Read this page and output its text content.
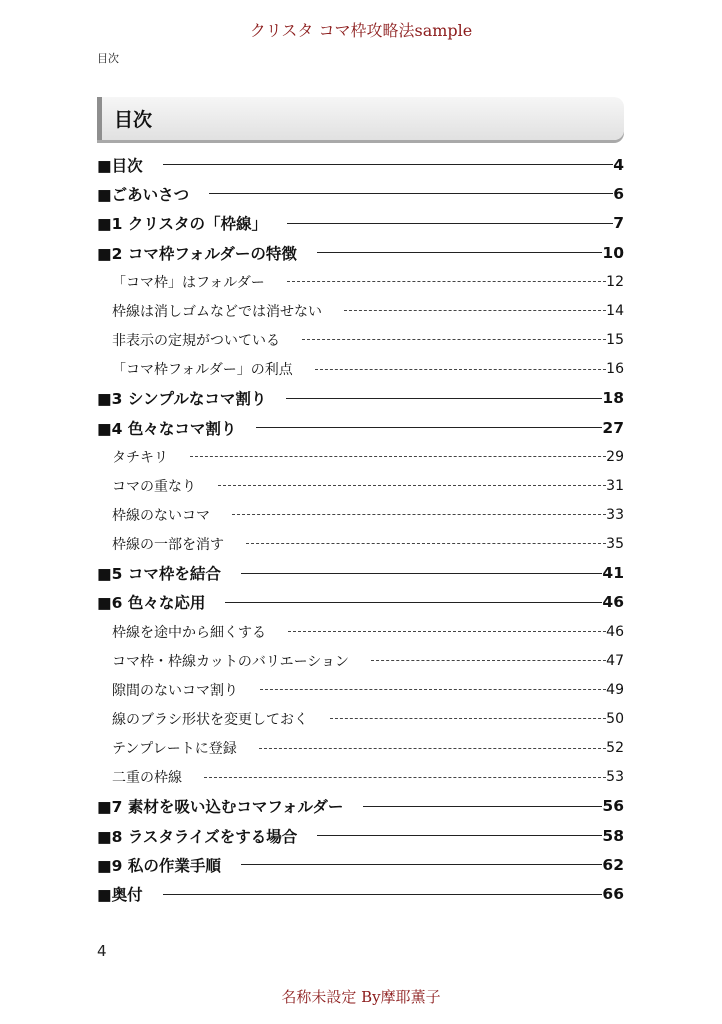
クリスタ コマ枠攻略法sample
目次
目次
■目次	4
■ごあいさつ	6
■1 クリスタの「枠線」	7
■2 コマ枠フォルダーの特徴	10
「コマ枠」はフォルダー	12
枠線は消しゴムなどでは消せない	14
非表示の定規がついている	15
「コマ枠フォルダー」の利点	16
■3 シンプルなコマ割り	18
■4 色々なコマ割り	27
タチキリ	29
コマの重なり	31
枠線のないコマ	33
枠線の一部を消す	35
■5 コマ枠を結合	41
■6 色々な応用	46
枠線を途中から細くする	46
コマ枠・枠線カットのバリエーション	47
隙間のないコマ割り	49
線のブラシ形状を変更しておく	50
テンプレートに登録	52
二重の枠線	53
■7 素材を吸い込むコマフォルダー	56
■8 ラスタライズをする場合	58
■9 私の作業手順	62
■奥付	66
4
名称未設定 By摩耶薫子
